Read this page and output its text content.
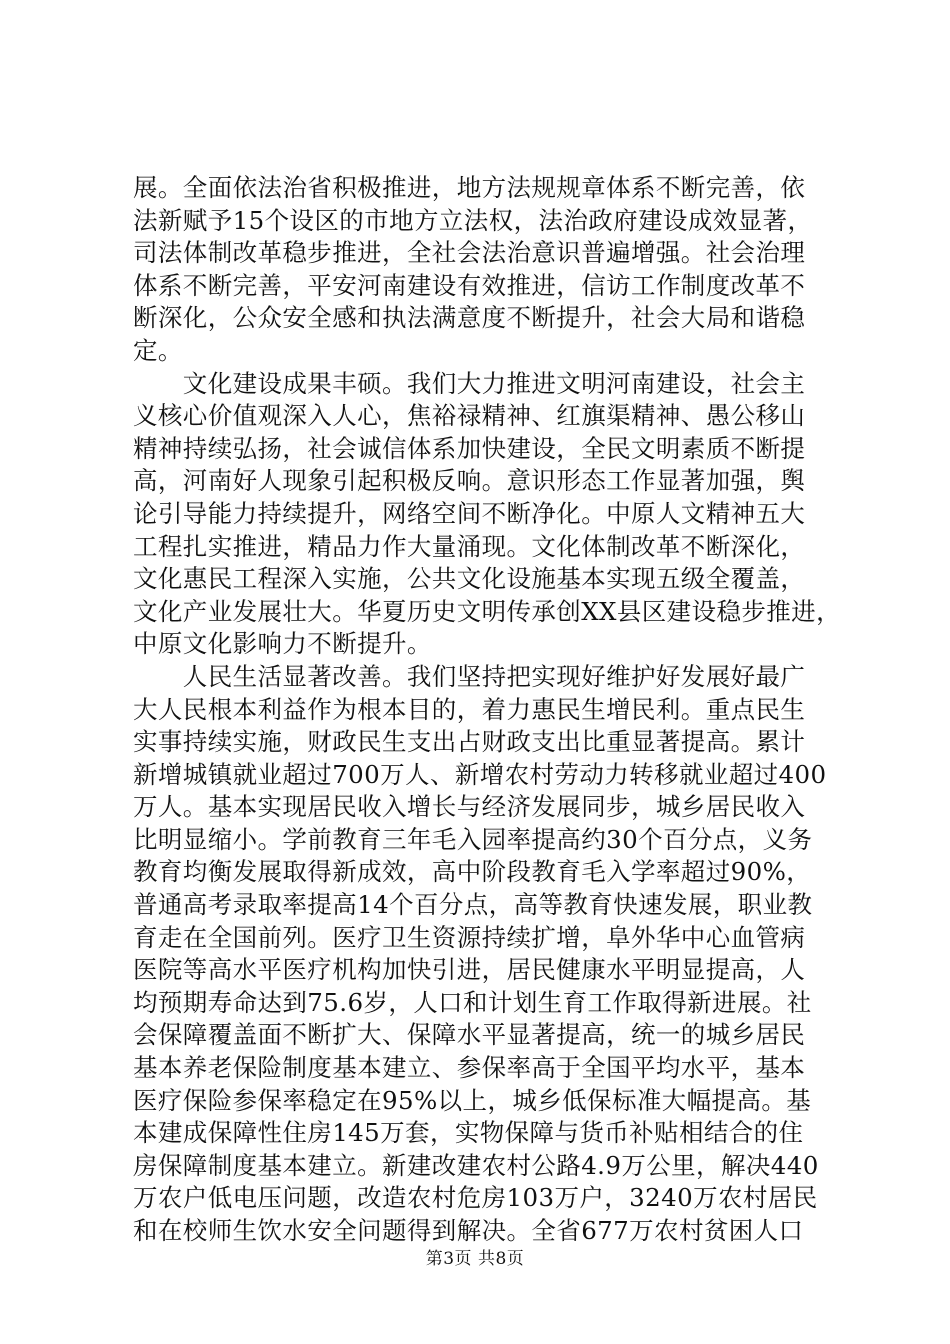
展。全面依法治省积极推进，地方法规规章体系不断完善，依
法新赋予15个设区的市地方立法权，法治政府建设成效显著，
司法体制改革稳步推进，全社会法治意识普遍增强。社会治理
体系不断完善，平安河南建设有效推进，信访工作制度改革不
断深化，公众安全感和执法满意度不断提升，社会大局和谐稳
定。
　　文化建设成果丰硕。我们大力推进文明河南建设，社会主
义核心价值观深入人心，焦裕禄精神、红旗渠精神、愚公移山
精神持续弘扬，社会诚信体系加快建设，全民文明素质不断提
高，河南好人现象引起积极反响。意识形态工作显著加强，舆
论引导能力持续提升，网络空间不断净化。中原人文精神五大
工程扎实推进，精品力作大量涌现。文化体制改革不断深化，
文化惠民工程深入实施，公共文化设施基本实现五级全覆盖，
文化产业发展壮大。华夏历史文明传承创XX县区建设稳步推进，
中原文化影响力不断提升。
　　人民生活显著改善。我们坚持把实现好维护好发展好最广
大人民根本利益作为根本目的，着力惠民生增民利。重点民生
实事持续实施，财政民生支出占财政支出比重显著提高。累计
新增城镇就业超过700万人、新增农村劳动力转移就业超过400
万人。基本实现居民收入增长与经济发展同步，城乡居民收入
比明显缩小。学前教育三年毛入园率提高约30个百分点，义务
教育均衡发展取得新成效，高中阶段教育毛入学率超过90%，
普通高考录取率提高14个百分点，高等教育快速发展，职业教
育走在全国前列。医疗卫生资源持续扩增，阜外华中心血管病
医院等高水平医疗机构加快引进，居民健康水平明显提高，人
均预期寿命达到75.6岁，人口和计划生育工作取得新进展。社
会保障覆盖面不断扩大、保障水平显著提高，统一的城乡居民
基本养老保险制度基本建立、参保率高于全国平均水平，基本
医疗保险参保率稳定在95%以上，城乡低保标准大幅提高。基
本建成保障性住房145万套，实物保障与货币补贴相结合的住
房保障制度基本建立。新建改建农村公路4.9万公里，解决440
万农户低电压问题，改造农村危房103万户，3240万农村居民
和在校师生饮水安全问题得到解决。全省677万农村贫困人口
第3页 共8页
